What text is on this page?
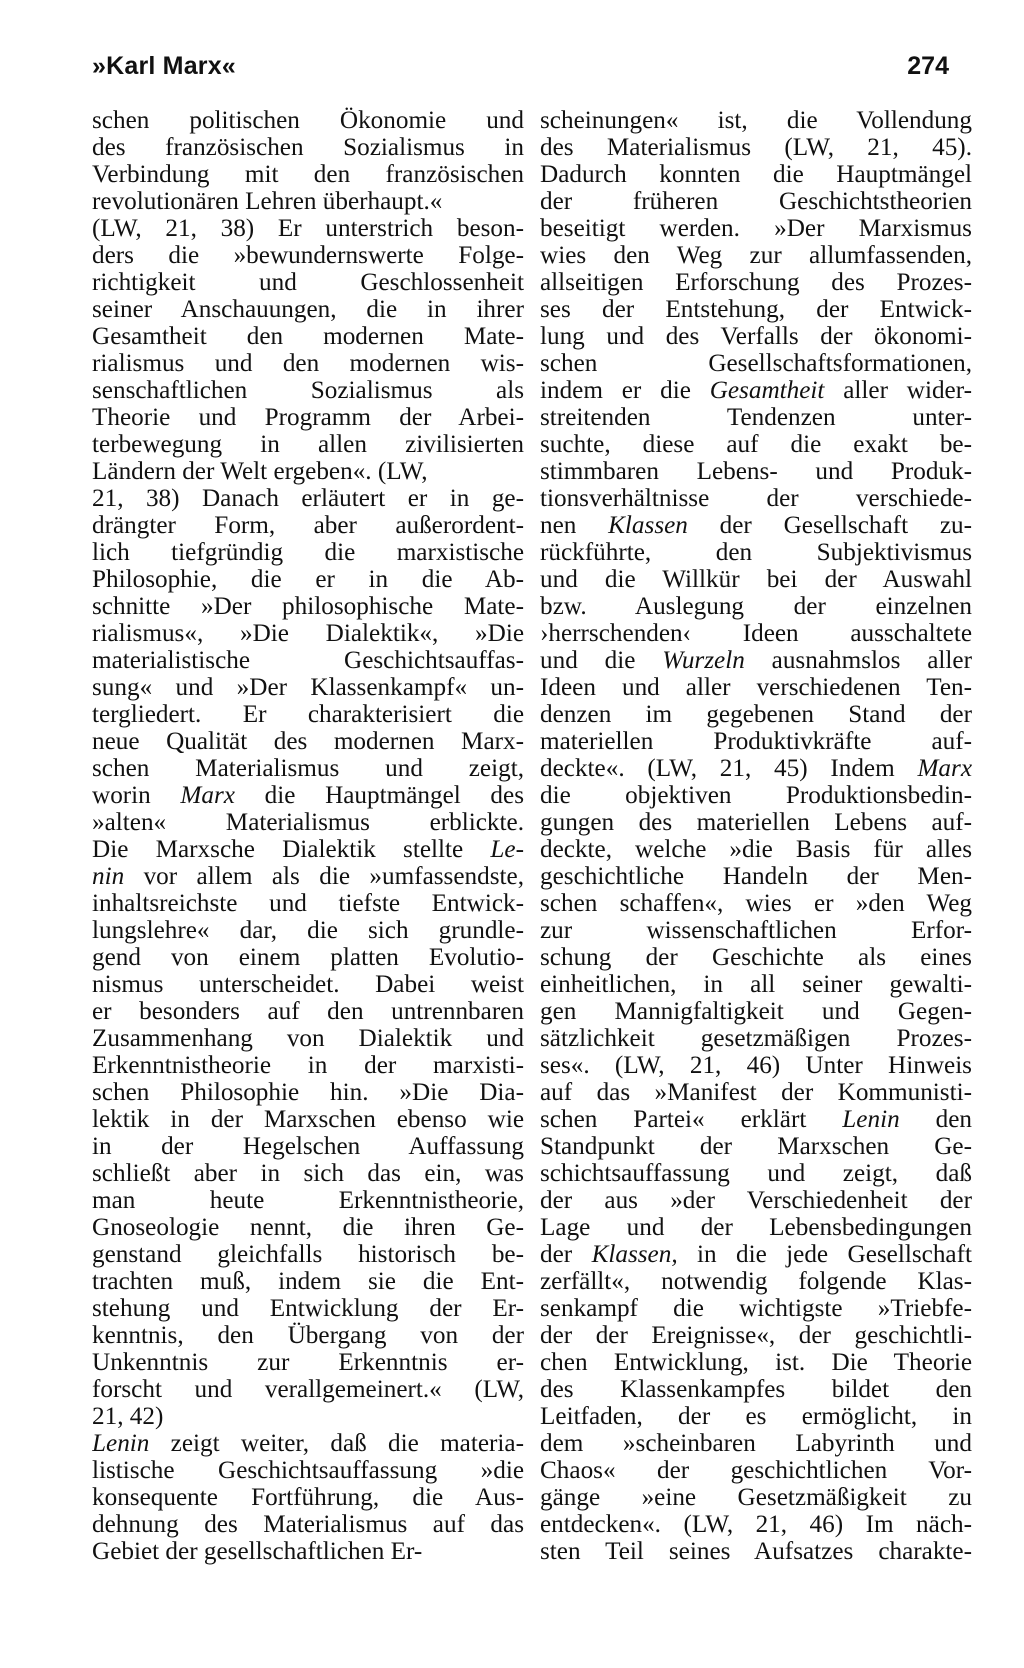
»Karl Marx«	274
schen politischen Ökonomie und
des französischen Sozialismus in
Verbindung mit den französischen
revolutionären Lehren überhaupt.«
(LW, 21, 38) Er unterstrich beson-
ders die »bewundernswerte Folge-
richtigkeit und Geschlossenheit
seiner Anschauungen, die in ihrer
Gesamtheit den modernen Mate-
rialismus und den modernen wis-
senschaftlichen Sozialismus als
Theorie und Programm der Arbei-
terbewegung in allen zivilisierten
Ländern der Welt ergeben«. (LW,
21, 38) Danach erläutert er in ge-
drängter Form, aber außerordent-
lich tiefgründig die marxistische
Philosophie, die er in die Ab-
schnitte »Der philosophische Mate-
rialismus«, »Die Dialektik«, »Die
materialistische Geschichtsauffas-
sung« und »Der Klassenkampf« un-
tergliedert. Er charakterisiert die
neue Qualität des modernen Marx-
schen Materialismus und zeigt,
worin Marx die Hauptmängel des
»alten« Materialismus erblickte.
Die Marxsche Dialektik stellte Le-
nin vor allem als die »umfassendste,
inhaltsreichste und tiefste Entwick-
lungslehre« dar, die sich grundle-
gend von einem platten Evolutio-
nismus unterscheidet. Dabei weist
er besonders auf den untrennbaren
Zusammenhang von Dialektik und
Erkenntnistheorie in der marxisti-
schen Philosophie hin. »Die Dia-
lektik in der Marxschen ebenso wie
in der Hegelschen Auffassung
schließt aber in sich das ein, was
man heute Erkenntnistheorie,
Gnoseologie nennt, die ihren Ge-
genstand gleichfalls historisch be-
trachten muß, indem sie die Ent-
stehung und Entwicklung der Er-
kenntnis, den Übergang von der
Unkenntnis zur Erkenntnis er-
forscht und verallgemeinert.« (LW,
21, 42)
Lenin zeigt weiter, daß die materia-
listische Geschichtsauffassung »die
konsequente Fortführung, die Aus-
dehnung des Materialismus auf das
Gebiet der gesellschaftlichen Er-
scheinungen« ist, die Vollendung
des Materialismus (LW, 21, 45).
Dadurch konnten die Hauptmängel
der früheren Geschichtstheorien
beseitigt werden. »Der Marxismus
wies den Weg zur allumfassenden,
allseitigen Erforschung des Prozes-
ses der Entstehung, der Entwick-
lung und des Verfalls der ökonomi-
schen Gesellschaftsformationen,
indem er die Gesamtheit aller wider-
streitenden Tendenzen unter-
suchte, diese auf die exakt be-
stimmbaren Lebens- und Produk-
tionsverhältnisse der verschiede-
nen Klassen der Gesellschaft zu-
rückführte, den Subjektivismus
und die Willkür bei der Auswahl
bzw. Auslegung der einzelnen
›herrschenden‹ Ideen ausschaltete
und die Wurzeln ausnahmslos aller
Ideen und aller verschiedenen Ten-
denzen im gegebenen Stand der
materiellen Produktivkräfte auf-
deckte«. (LW, 21, 45) Indem Marx
die objektiven Produktionsbedin-
gungen des materiellen Lebens auf-
deckte, welche »die Basis für alles
geschichtliche Handeln der Men-
schen schaffen«, wies er »den Weg
zur wissenschaftlichen Erfor-
schung der Geschichte als eines
einheitlichen, in all seiner gewalti-
gen Mannigfaltigkeit und Gegen-
sätzlichkeit gesetzmäßigen Prozes-
ses«. (LW, 21, 46) Unter Hinweis
auf das »Manifest der Kommunisti-
schen Partei« erklärt Lenin den
Standpunkt der Marxschen Ge-
schichtsauffassung und zeigt, daß
der aus »der Verschiedenheit der
Lage und der Lebensbedingungen
der Klassen, in die jede Gesellschaft
zerfällt«, notwendig folgende Klas-
senkampf die wichtigste »Triebfe-
der der Ereignisse«, der geschichtli-
chen Entwicklung, ist. Die Theorie
des Klassenkampfes bildet den
Leitfaden, der es ermöglicht, in
dem »scheinbaren Labyrinth und
Chaos« der geschichtlichen Vor-
gänge »eine Gesetzmäßigkeit zu
entdecken«. (LW, 21, 46) Im näch-
sten Teil seines Aufsatzes charakte-
